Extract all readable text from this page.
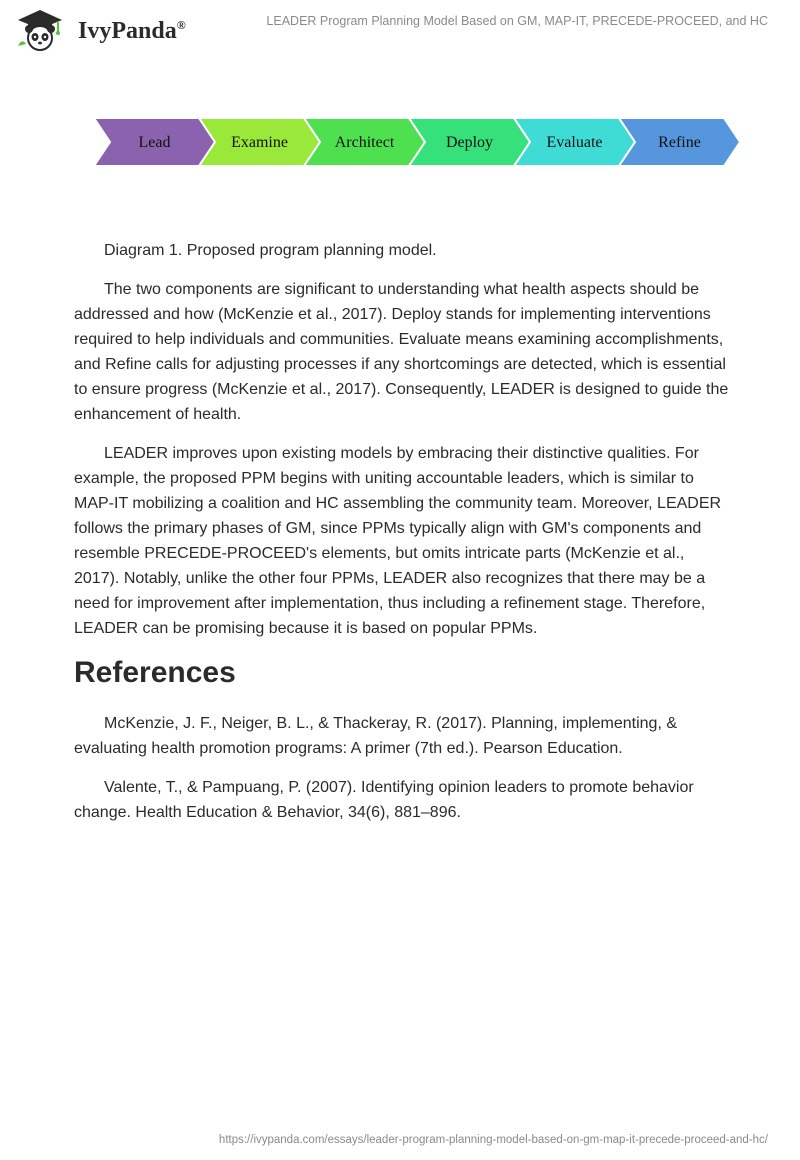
IvyPanda®	LEADER Program Planning Model Based on GM, MAP-IT, PRECEDE-PROCEED, and HC
Lead	Examine	Architect	Deploy	Evaluate	Refine

Diagram 1. Proposed program planning model.

The two components are significant to understanding what health aspects should be addressed and how (McKenzie et al., 2017). Deploy stands for implementing interventions required to help individuals and communities. Evaluate means examining accomplishments, and Refine calls for adjusting processes if any shortcomings are detected, which is essential to ensure progress (McKenzie et al., 2017). Consequently, LEADER is designed to guide the enhancement of health.

LEADER improves upon existing models by embracing their distinctive qualities. For example, the proposed PPM begins with uniting accountable leaders, which is similar to MAP-IT mobilizing a coalition and HC assembling the community team. Moreover, LEADER follows the primary phases of GM, since PPMs typically align with GM's components and resemble PRECEDE-PROCEED's elements, but omits intricate parts (McKenzie et al., 2017). Notably, unlike the other four PPMs, LEADER also recognizes that there may be a need for improvement after implementation, thus including a refinement stage. Therefore, LEADER can be promising because it is based on popular PPMs.

References

McKenzie, J. F., Neiger, B. L., & Thackeray, R. (2017). Planning, implementing, & evaluating health promotion programs: A primer (7th ed.). Pearson Education.

Valente, T., & Pampuang, P. (2007). Identifying opinion leaders to promote behavior change. Health Education & Behavior, 34(6), 881–896.

https://ivypanda.com/essays/leader-program-planning-model-based-on-gm-map-it-precede-proceed-and-hc/
